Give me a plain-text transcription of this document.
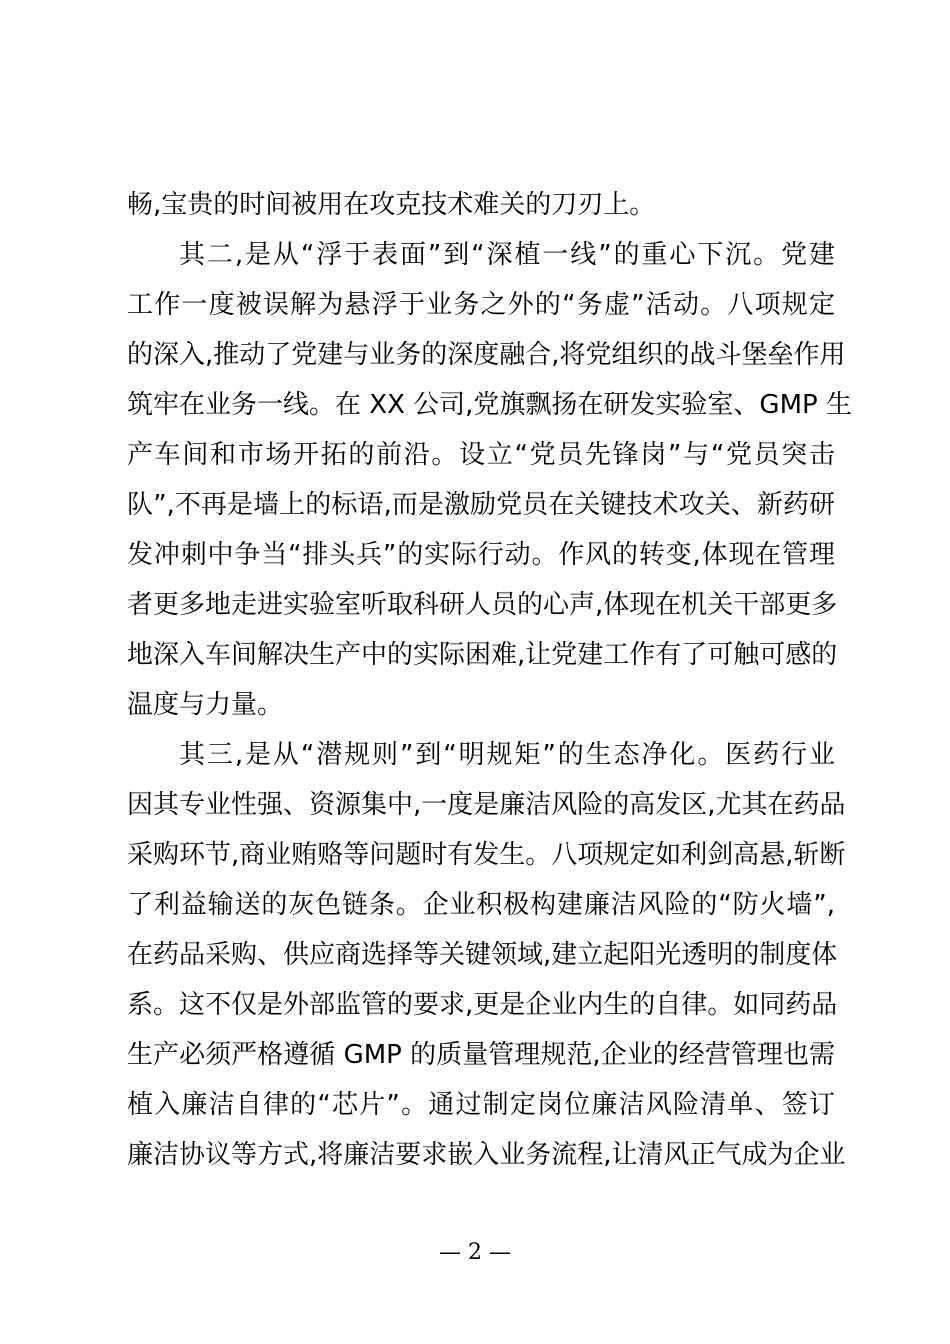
畅,宝贵的时间被用在攻克技术难关的刀刃上。
其二,是从“浮于表面”到“深植一线”的重心下沉。党建
工作一度被误解为悬浮于业务之外的“务虚”活动。八项规定
的深入,推动了党建与业务的深度融合,将党组织的战斗堡垒作用
筑牢在业务一线。在 XX 公司,党旗飘扬在研发实验室、GMP 生
产车间和市场开拓的前沿。设立“党员先锋岗”与“党员突击
队”,不再是墙上的标语,而是激励党员在关键技术攻关、新药研
发冲刺中争当“排头兵”的实际行动。作风的转变,体现在管理
者更多地走进实验室听取科研人员的心声,体现在机关干部更多
地深入车间解决生产中的实际困难,让党建工作有了可触可感的
温度与力量。
其三,是从“潜规则”到“明规矩”的生态净化。医药行业
因其专业性强、资源集中,一度是廉洁风险的高发区,尤其在药品
采购环节,商业贿赂等问题时有发生。八项规定如利剑高悬,斩断
了利益输送的灰色链条。企业积极构建廉洁风险的“防火墙”,
在药品采购、供应商选择等关键领域,建立起阳光透明的制度体
系。这不仅是外部监管的要求,更是企业内生的自律。如同药品
生产必须严格遵循 GMP 的质量管理规范,企业的经营管理也需
植入廉洁自律的“芯片”。通过制定岗位廉洁风险清单、签订
廉洁协议等方式,将廉洁要求嵌入业务流程,让清风正气成为企业
— 2 —
